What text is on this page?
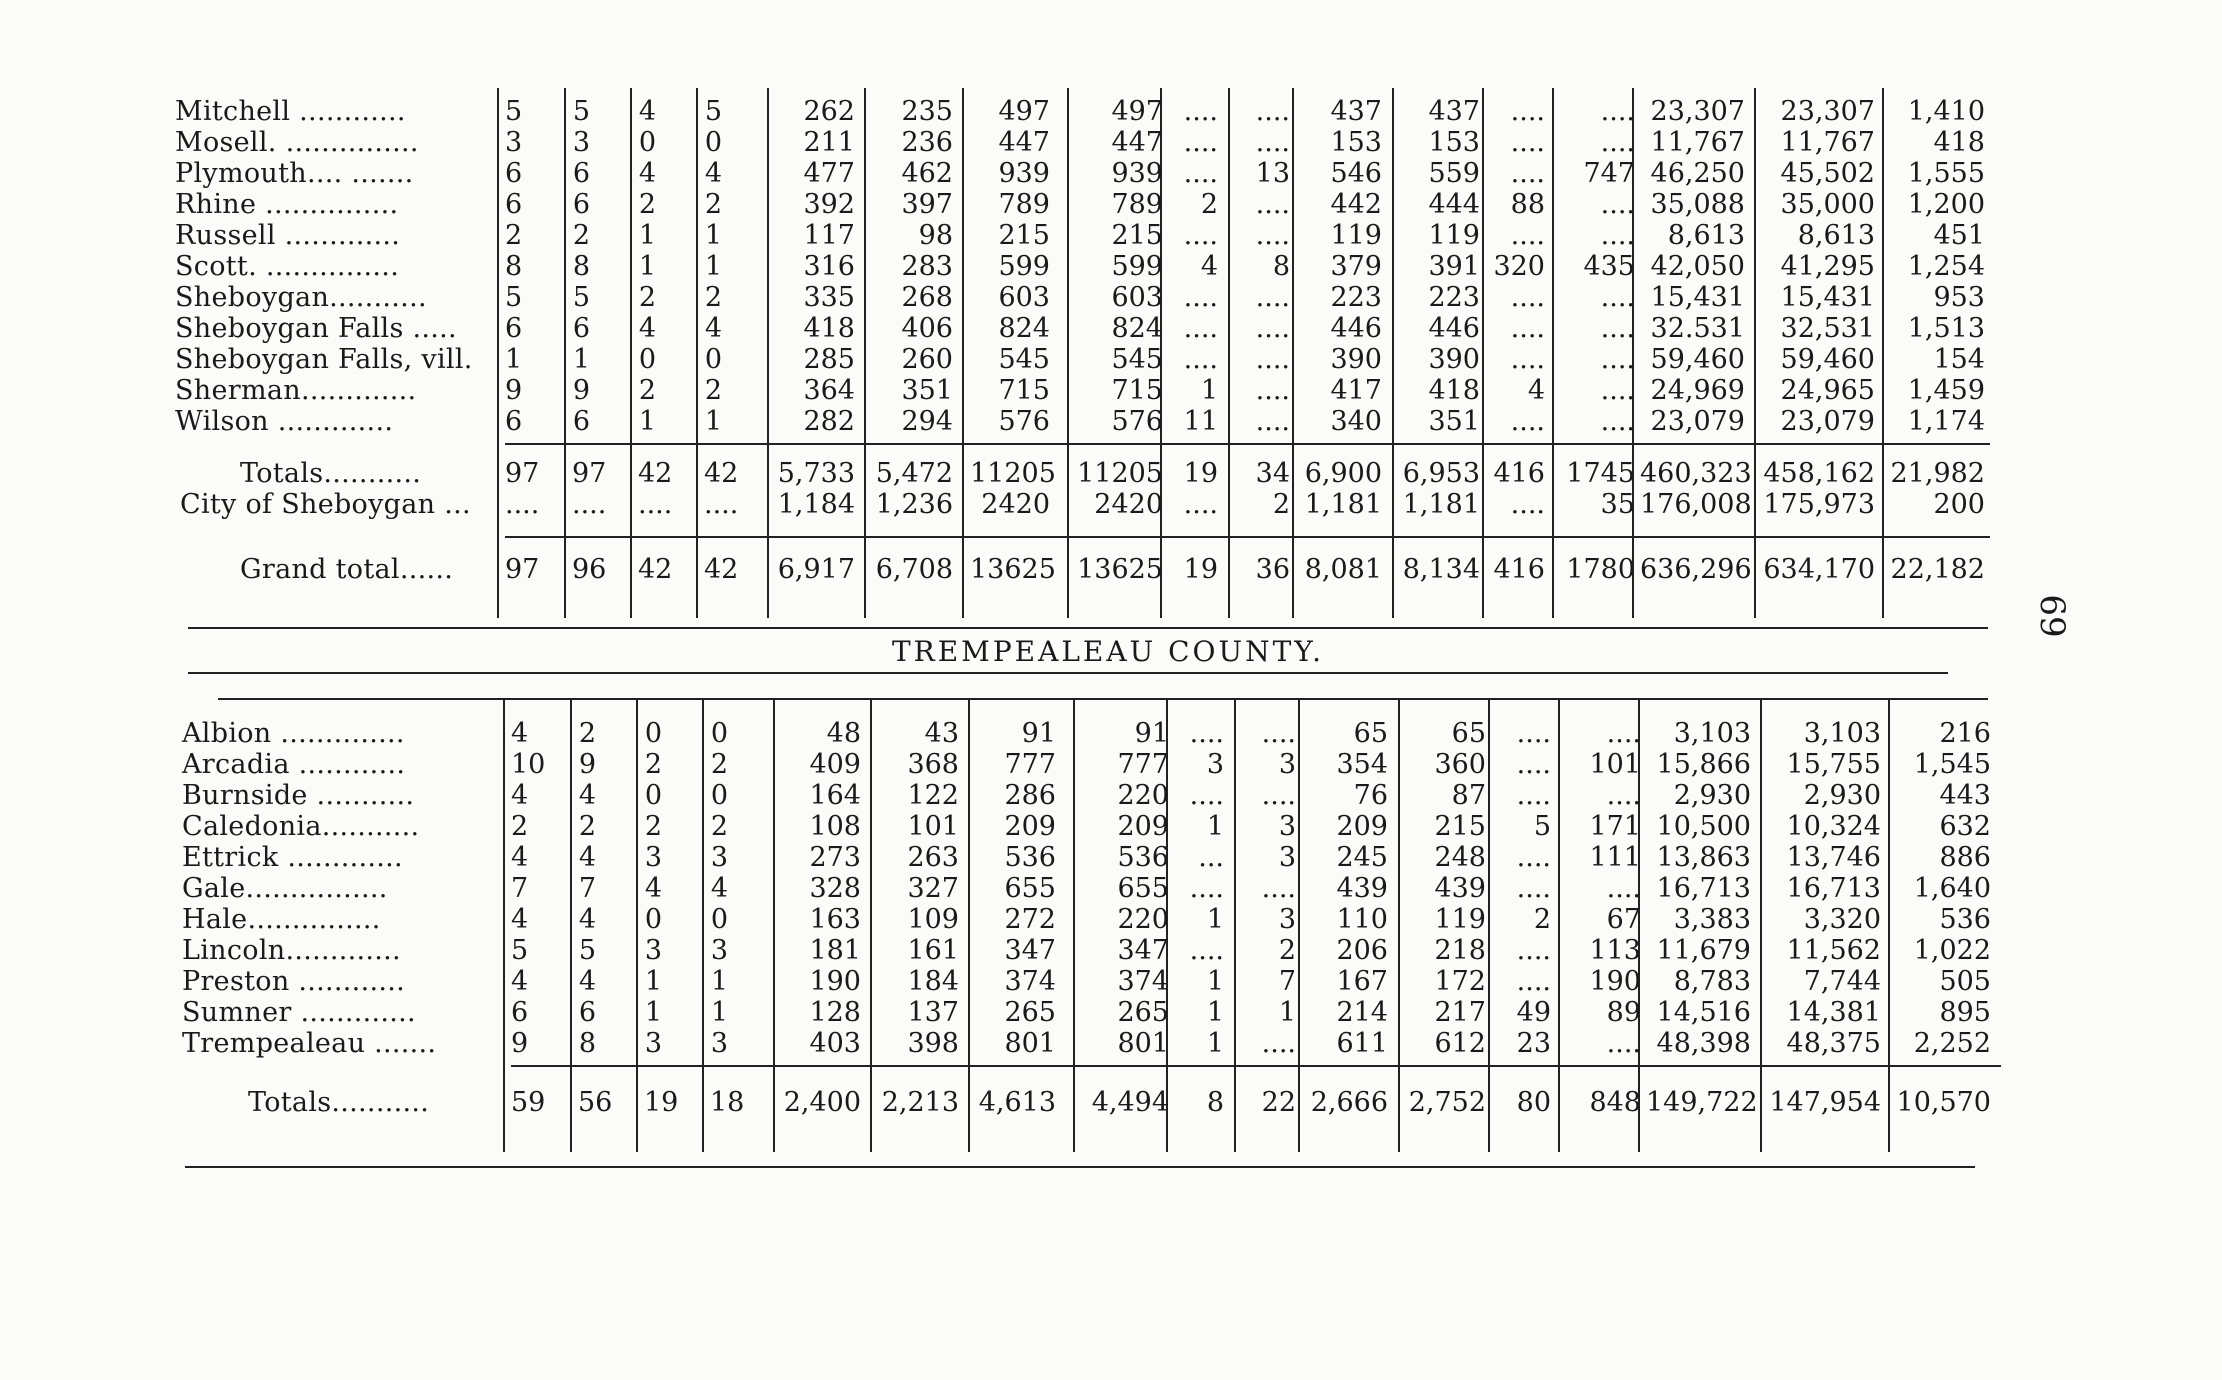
69
TREMPEALEAU COUNTY.
Mitchell ............	5 5 4 5	262	235	497	497 ....	....	437	437	....	.... 23,307	23,307	1,410
Mosell. ...............	3 3 0 0	211	236	447	447 ....	....	153	153	....	.... 11,767	11,767	418
Plymouth.... .......	6 6 4 4	477	462	939	939 ....	13	546	559	....	747 46,250	45,502	1,555
Rhine ...............	6 6 2 2	392	397	789	789	2	....	442	444	88	.... 35,088	35,000	1,200
Russell .............	2 2 1 1	117	98	215	215 ....	....	119	119	....	....	8,613	8,613	451
Scott. ...............	8 8 1 1	316	283	599	599	4	8	379	391 320	435 42,050	41,295	1,254
Sheboygan...........	5 5 2 2	335	268	603	603 ....	....	223	223	....	.... 15,431	15,431	953
Sheboygan Falls ..... 6 6 4 4	418	406	824	824 ....	....	446	446	....	.... 32.531	32,531	1,513
Sheboygan Falls, vill. 1 1 0 0	285	260	545	545 ....	....	390	390	....	.... 59,460	59,460	154
Sherman.............	9 9 2 2	364	351	715	715	1	....	417	418	4	.... 24,969	24,965	1,459
Wilson .............	6 6 1 1	282	294	576	576 11	....	340	351	....	.... 23,079	23,079	1,174
Totals...........	97 97 42 42 5,733 5,472 11205 11205 19	34 6,900 6,953 416 1745 460,323 458,162 21,982
City of Sheboygan ... .... .... .... .... 1,184 1,236	2420	2420 ....	2 1,181 1,181	....	35 176,008 175,973	200
Grand total...... 97 96 42 42 6,917 6,708 13625 13625 19	36 8,081 8,134 416 1780 636,296 634,170 22,182
Albion ..............	4 2 0 0	48	43	91	91 ....	....	65	65	....	....	3,103	3,103	216
Arcadia ............	10 9 2 2	409	368	777	777	3	3	354	360	....	101 15,866	15,755	1,545
Burnside ...........	4 4 0 0	164	122	286	220 ....	....	76	87	....	....	2,930	2,930	443
Caledonia...........	2 2 2 2	108	101	209	209	1	3	209	215	5	171 10,500	10,324	632
Ettrick .............	4 4 3 3	273	263	536	536	...	3	245	248	....	111 13,863	13,746	886
Gale................	7 7 4 4	328	327	655	655 ....	....	439	439	....	.... 16,713	16,713	1,640
Hale...............	4 4 0 0	163	109	272	220	1	3	110	119	2	67	3,383	3,320	536
Lincoln.............	5 5 3 3	181	161	347	347 ....	2	206	218	....	113 11,679	11,562	1,022
Preston ............	4 4 1 1	190	184	374	374	1	7	167	172	....	190	8,783	7,744	505
Sumner .............	6 6 1 1	128	137	265	265	1	1	214	217	49	89 14,516	14,381	895
Trempealeau .......	9 8 3 3	403	398	801	801	1	....	611	612	23	.... 48,398	48,375	2,252
Totals...........	59 56 19 18 2,400 2,213 4,613	4,494	8	22 2,666 2,752	80	848 149,722 147,954 10,570
